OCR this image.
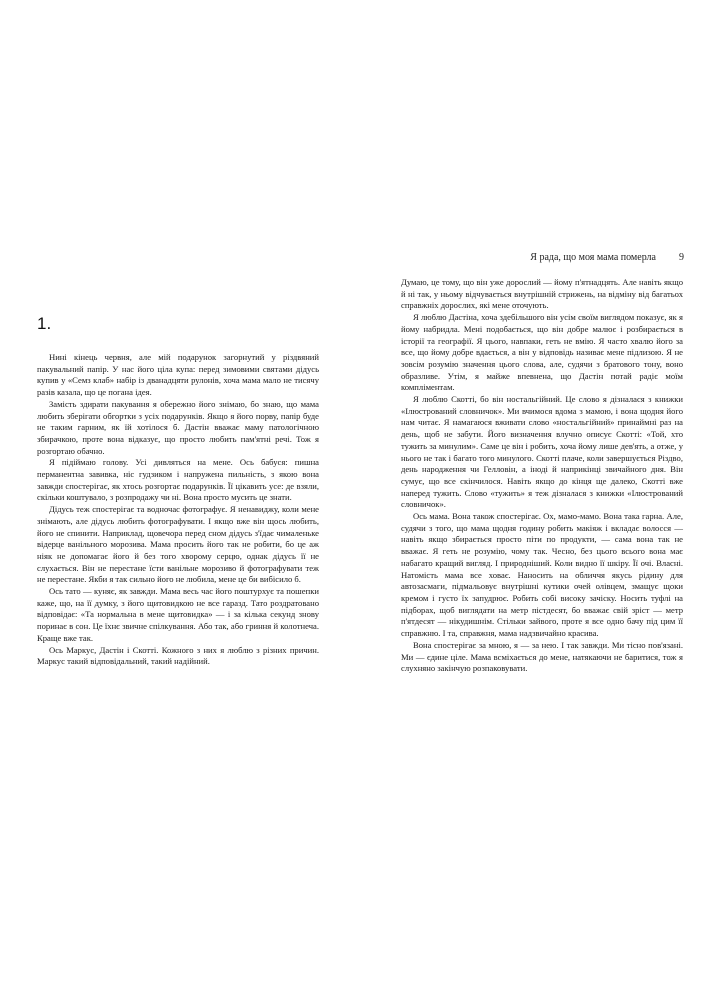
Я рада, що моя мама померла 9
1.

Нині кінець червня, але мій подарунок загорнутий у різдвяний пакувальний папір. У нас його ціла купа: перед зимовими святами дідусь купив у «Семз клаб» набір із дванадцяти рулонів, хоча мама мало не тисячу разів казала, що це погана ідея.

Замість здирати пакування я обережно його знімаю, бо знаю, що мама любить зберігати обгортки з усіх подарунків. Якщо я його порву, папір буде не таким гарним, як їй хотілося б. Дастін вважає маму патологічною збирачкою, проте вона відказує, що просто любить пам'ятні речі. Тож я розгортаю обачно.

Я підіймаю голову. Усі дивляться на мене. Ось бабуся: пишна перманентна завивка, ніс гудзиком і напружена пильність, з якою вона завжди спостерігає, як хтось розгортає подарунків. Її цікавить усе: де взяли, скільки коштувало, з розпродажу чи ні. Вона просто мусить це знати.

Дідусь теж спостерігає та водночас фотографує. Я ненавиджу, коли мене знімають, але дідусь любить фотографувати. І якщо вже він щось любить, його не спинити. Наприклад, щовечора перед сном дідусь з'їдає чималеньке відерце ванільного морозива. Мама просить його так не робити, бо це аж ніяк не допомагає його й без того хворому серцю, однак дідусь її не слухається. Він не перестане їсти ванільне морозиво й фотографувати теж не перестане. Якби я так сильно його не любила, мене це би вибісило б.

Ось тато — куняє, як завжди. Мама весь час його поштурхує та пошепки каже, що, на її думку, з його щитовидкою не все гаразд. Тато роздратовано відповідає: «Та нормальна в мене щитовидка» — і за кілька секунд знову поринає в сон. Це їхнє звичне спілкування. Або так, або гриння й колотнеча. Краще вже так.

Ось Маркус, Дастін і Скотті. Кожного з них я люблю з різних причин. Маркус такий відповідальний, такий надійний.

Думаю, це тому, що він уже дорослий — йому п'ятнадцять. Але навіть якщо й ні так, у ньому відчувається внутрішній стрижень, на відміну від багатьох справжніх дорослих, які мене оточують.

Я люблю Дастіна, хоча здебільшого він усім своїм виглядом показує, як я йому набридла. Мені подобається, що він добре малює і розбирається в історії та географії. Я цього, навпаки, геть не вмію. Я часто хвалю його за все, що йому добре вдається, а він у відповідь називає мене підлизою. Я не зовсім розумію значення цього слова, але, судячи з братового тону, воно образливе. Утім, я майже впевнена, що Дастін потай радіє моїм компліментам.

Я люблю Скотті, бо він ностальгійний. Це слово я дізналася з книжки «Ілюстрований словничок». Ми вчимося вдома з мамою, і вона щодня його нам читає. Я намагаюся вживати слово «ностальгійний» принаймні раз на день, щоб не забути. Його визначення влучно описує Скотті: «Той, хто тужить за минулим». Саме це він і робить, хоча йому лише дев'ять, а отже, у нього не так і багато того минулого. Скотті плаче, коли завершується Різдво, день народження чи Гелловін, а іноді й наприкінці звичайного дня. Він сумує, що все скінчилося. Навіть якщо до кінця ще далеко, Скотті вже наперед тужить. Слово «тужить» я теж дізналася з книжки «Ілюстрований словничок».

Ось мама. Вона також спостерігає. Ох, мамо-мамо. Вона така гарна. Але, судячи з того, що мама щодня годину робить макіяж і вкладає волосся — навіть якщо збирається просто піти по продукти, — сама вона так не вважає. Я геть не розумію, чому так. Чесно, без цього всього вона має набагато кращий вигляд. І природніший. Коли видно її шкіру. Її очі. Власні. Натомість мама все ховає. Наносить на обличчя якусь рідину для автозасмаги, підмальовує внутрішні кутики очей олівцем, змащує щоки кремом і густо їх запудрює. Робить собі високу зачіску. Носить туфлі на підборах, щоб виглядати на метр пістдесят, бо вважає свій зріст — метр п'ятдесят — нікудишнім. Стільки зайвого, проте я все одно бачу під цим її справжню. І та, справжня, мама надзвичайно красива.

Вона спостерігає за мною, я — за нею. І так завжди. Ми тісно пов'язані. Ми — єдине ціле. Мама всміхається до мене, натякаючи не баритися, тож я слухняно закінчую розпаковувати.
